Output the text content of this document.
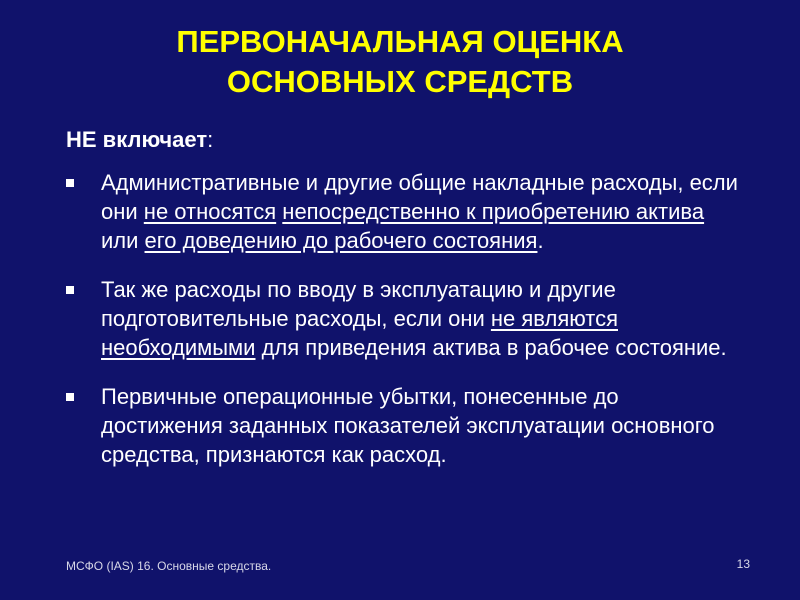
ПЕРВОНАЧАЛЬНАЯ ОЦЕНКА
ОСНОВНЫХ СРЕДСТВ
НЕ включает:
Административные и другие общие накладные расходы, если они не относятся непосредственно к приобретению актива или его доведению до рабочего состояния.
Так же расходы по вводу в эксплуатацию и другие подготовительные расходы, если они не являются необходимыми для приведения актива в рабочее состояние.
Первичные операционные убытки, понесенные до достижения заданных показателей эксплуатации основного средства, признаются как расход.
МСФО (IAS) 16. Основные средства.	13
